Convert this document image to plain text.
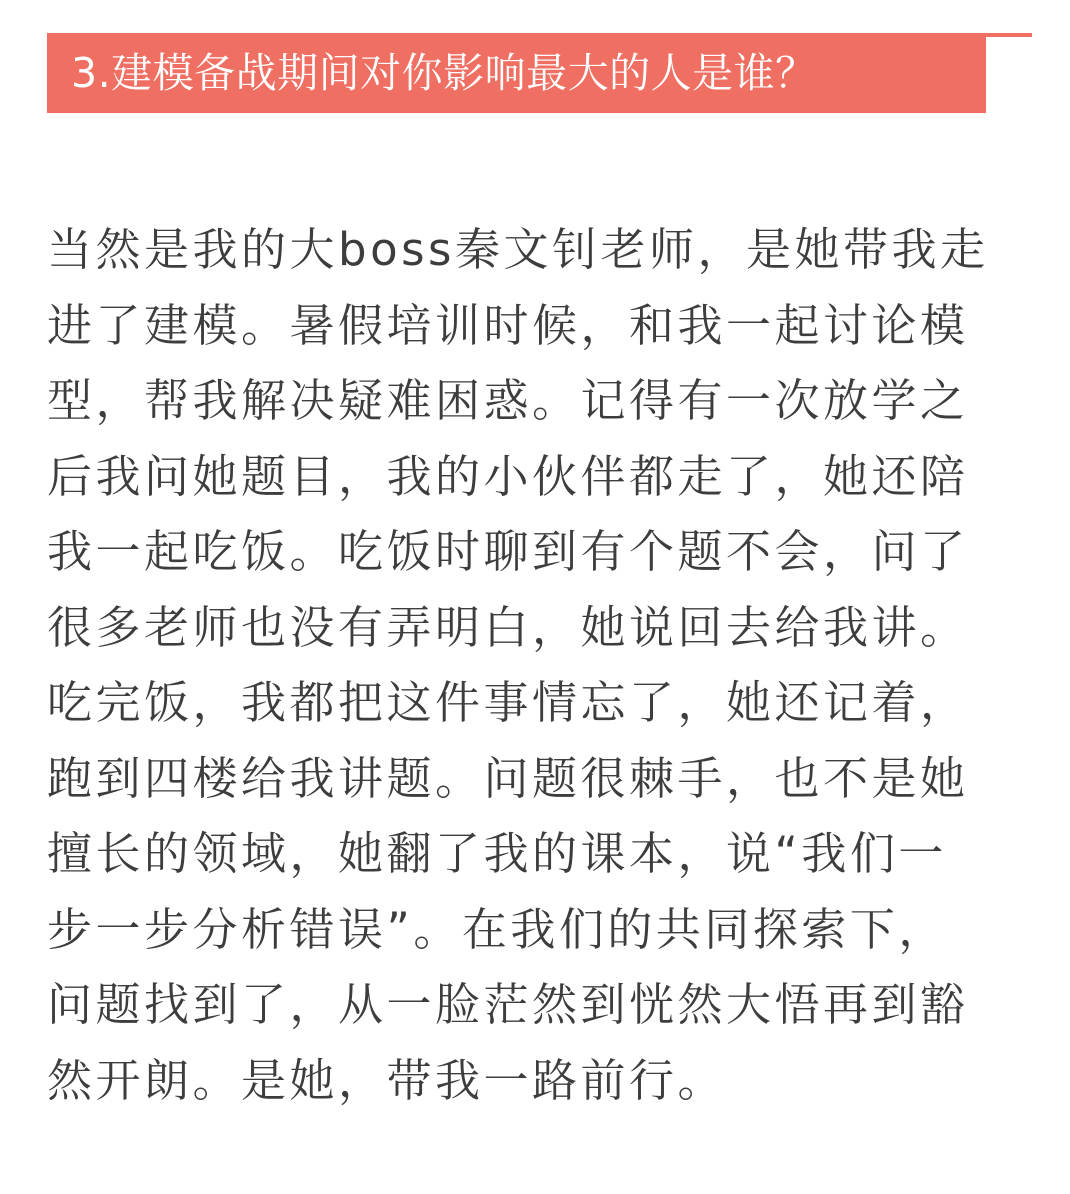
3.建模备战期间对你影响最大的人是谁？
当然是我的大boss秦文钊老师，是她带我走
进了建模。暑假培训时候，和我一起讨论模
型，帮我解决疑难困惑。记得有一次放学之
后我问她题目，我的小伙伴都走了，她还陪
我一起吃饭。吃饭时聊到有个题不会，问了
很多老师也没有弄明白，她说回去给我讲。
吃完饭，我都把这件事情忘了，她还记着，
跑到四楼给我讲题。问题很棘手，也不是她
擅长的领域，她翻了我的课本，说“我们一
步一步分析错误”。在我们的共同探索下，
问题找到了，从一脸茫然到恍然大悟再到豁
然开朗。是她，带我一路前行。
